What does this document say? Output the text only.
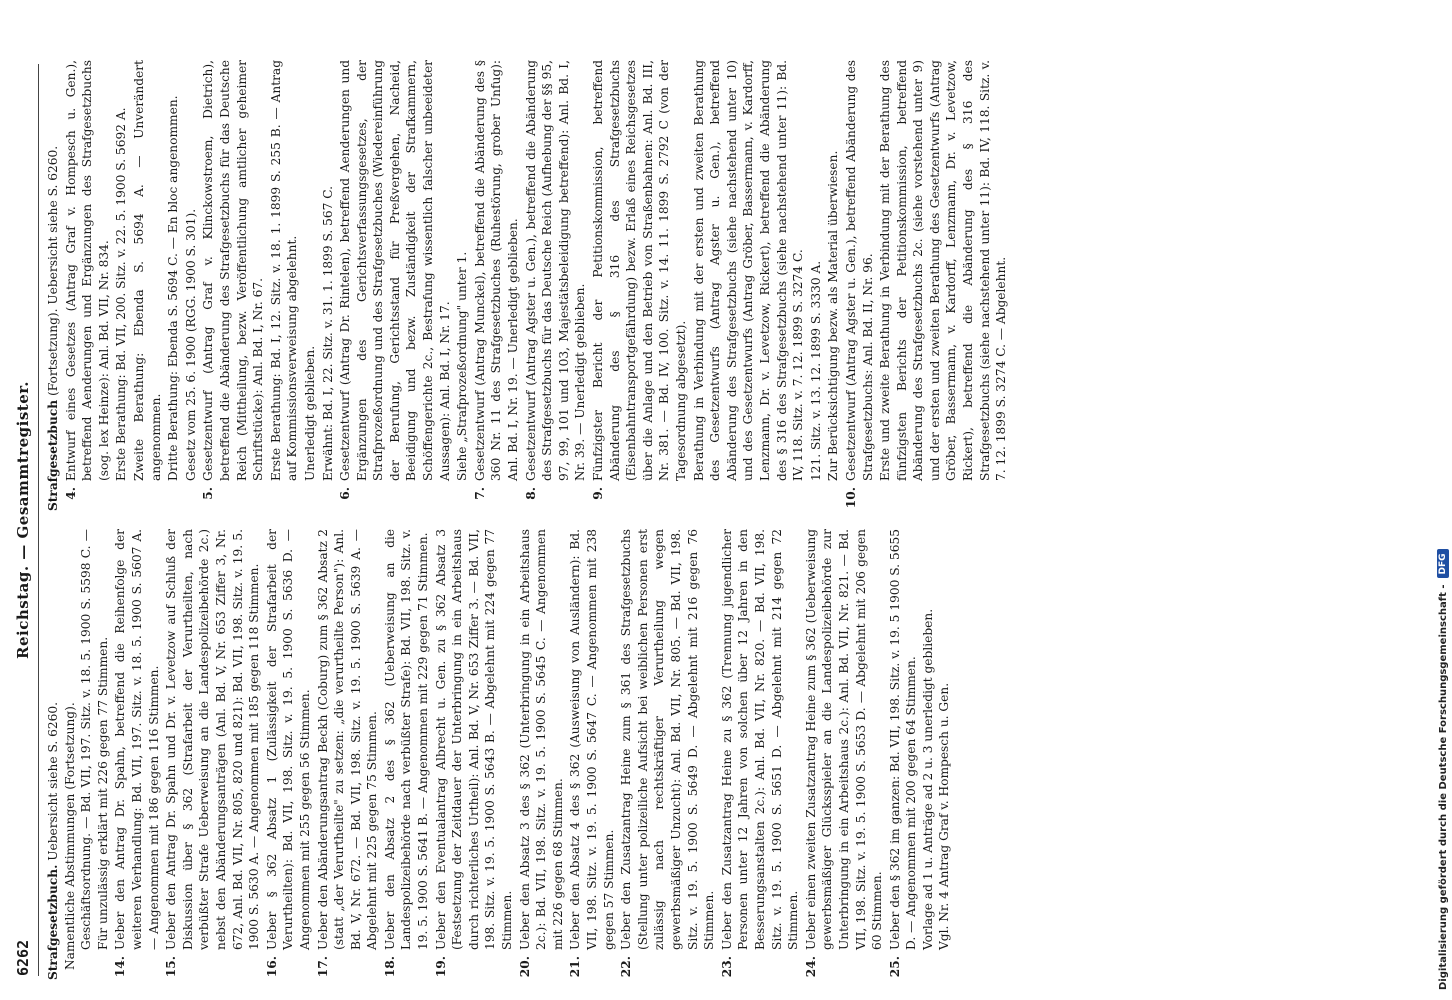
6262
Reichstag. — Gesammtregister.

Strafgesetzbuch. Uebersicht siehe S. 6260. Namentliche Abstimmungen (Fortsetzung). Geschäftsordnung. — Bd. VII, 197. Sitz. v. 18. 5. 1900 S. 5598 C. — Für unzulässig erklärt mit 226 gegen 77 Stimmen.

14.
Ueber den Antrag Dr. Spahn, betreffend die Reihenfolge der weiteren Verhandlung: Bd. VII, 197. Sitz. v. 18. 5. 1900 S. 5607 A. — Angenommen mit 186 gegen 116 Stimmen.
15.
Ueber den Antrag Dr. Spahn und Dr. v. Levetzow auf Schluß der Diskussion über § 362 (Strafarbeit der Verurtheilten, nach verbüßter Strafe Ueberweisung an die Landespolizeibehörde 2c.) nebst den Abänderungsanträgen (Anl. Bd. V, Nr. 653 Ziffer 3, Nr. 672, Anl. Bd. VII, Nr. 805, 820 und 821): Bd. VII, 198. Sitz. v. 19. 5. 1900 S. 5630 A. — Angenommen mit 185 gegen 118 Stimmen.
16.
Ueber § 362 Absatz 1 (Zulässigkeit der Strafarbeit der Verurtheilten): Bd. VII, 198. Sitz. v. 19. 5. 1900 S. 5636 D. — Angenommen mit 255 gegen 56 Stimmen.
17.
Ueber den Abänderungsantrag Beckh (Coburg) zum § 362 Absatz 2 (statt „der Verurtheilte" zu setzen: „die verurtheilte Person"): Anl. Bd. V, Nr. 672. — Bd. VII, 198. Sitz. v. 19. 5. 1900 S. 5639 A. — Abgelehnt mit 225 gegen 75 Stimmen.
18.
Ueber den Absatz 2 des § 362 (Ueberweisung an die Landespolizeibehörde nach verbüßter Strafe): Bd. VII, 198. Sitz. v. 19. 5. 1900 S. 5641 B. — Angenommen mit 229 gegen 71 Stimmen.
19.
Ueber den Eventualantrag Albrecht u. Gen. zu § 362 Absatz 3 (Festsetzung der Zeitdauer der Unterbringung in ein Arbeitshaus durch richterliches Urtheil): Anl. Bd. V, Nr. 653 Ziffer 3. — Bd. VII, 198. Sitz. v. 19. 5. 1900 S. 5643 B. — Abgelehnt mit 224 gegen 77 Stimmen.
20.
Ueber den Absatz 3 des § 362 (Unterbringung in ein Arbeitshaus 2c.): Bd. VII, 198. Sitz. v. 19. 5. 1900 S. 5645 C. — Angenommen mit 226 gegen 68 Stimmen.
21.
Ueber den Absatz 4 des § 362 (Ausweisung von Ausländern): Bd. VII, 198. Sitz. v. 19. 5. 1900 S. 5647 C. — Angenommen mit 238 gegen 57 Stimmen.
22.
Ueber den Zusatzantrag Heine zum § 361 des Strafgesetzbuchs (Stellung unter polizeiliche Aufsicht bei weiblichen Personen erst zulässig nach rechtskräftiger Verurtheilung wegen gewerbsmäßiger Unzucht): Anl. Bd. VII, Nr. 805. — Bd. VII, 198. Sitz. v. 19. 5. 1900 S. 5649 D. — Abgelehnt mit 216 gegen 76 Stimmen.
23.
Ueber den Zusatzantrag Heine zu § 362 (Trennung jugendlicher Personen unter 12 Jahren von solchen über 12 Jahren in den Besserungsanstalten 2c.): Anl. Bd. VII, Nr. 820. — Bd. VII, 198. Sitz. v. 19. 5. 1900 S. 5651 D. — Abgelehnt mit 214 gegen 72 Stimmen.
24.
Ueber einen zweiten Zusatzantrag Heine zum § 362 (Ueberweisung gewerbsmäßiger Glücksspieler an die Landespolizeibehörde zur Unterbringung in ein Arbeitshaus 2c.): Anl. Bd. VII, Nr. 821. — Bd. VII, 198. Sitz. v. 19. 5. 1900 S. 5653 D. — Abgelehnt mit 206 gegen 60 Stimmen.
25.
Ueber den § 362 im ganzen: Bd. VII, 198. Sitz. v. 19. 5 1900 S. 5655 D. — Angenommen mit 200 gegen 64 Stimmen. Vorlage ad 1 u. Anträge ad 2 u. 3 unerledigt geblieben. Vgl. Nr. 4 Antrag Graf v. Hompesch u. Gen.

Strafgesetzbuch (Fortsetzung). Uebersicht siehe S. 6260.

4.
Entwurf eines Gesetzes (Antrag Graf v. Hompesch u. Gen.), betreffend Aenderungen und Ergänzungen des Strafgesetzbuchs (sog. lex Heinze): Anl. Bd. VII, Nr. 834. Erste Berathung: Bd. VII, 200. Sitz. v. 22. 5. 1900 S. 5692 A. Zweite Berathung: Ebenda S. 5694 A. — Unverändert angenommen. Dritte Berathung: Ebenda S. 5694 C. — En bloc angenommen. Gesetz vom 25. 6. 1900 (RGG. 1900 S. 301).
5.
Gesetzentwurf (Antrag Graf v. Klinckowstroem, Dietrich), betreffend die Abänderung des Strafgesetzbuchs für das Deutsche Reich (Mittheilung, bezw. Veröffentlichung amtlicher geheimer Schriftstücke): Anl. Bd. I, Nr. 67. Erste Berathung: Bd. I, 12. Sitz. v. 18. 1. 1899 S. 255 B. — Antrag auf Kommissionsverweisung abgelehnt. Unerledigt geblieben. Erwähnt: Bd. I, 22. Sitz. v. 31. 1. 1899 S. 567 C.
6.
Gesetzentwurf (Antrag Dr. Rintelen), betreffend Aenderungen und Ergänzungen des Gerichtsverfassungsgesetzes, der Strafprozeßordnung und des Strafgesetzbuches (Wiedereinführung der Berufung, Gerichtsstand für Preßvergehen, Nacheid, Beeidigung und bezw. Zuständigkeit der Strafkammern, Schöffengerichte 2c., Bestrafung wissentlich falscher unbeeideter Aussagen): Anl. Bd. I, Nr. 17. Siehe „Strafprozeßordnung" unter 1.
7.
Gesetzentwurf (Antrag Munckel), betreffend die Abänderung des § 360 Nr. 11 des Strafgesetzbuches (Ruhestörung, grober Unfug): Anl. Bd. I, Nr. 19. — Unerledigt geblieben.
8.
Gesetzentwurf (Antrag Agster u. Gen.), betreffend die Abänderung des Strafgesetzbuchs für das Deutsche Reich (Aufhebung der §§ 95, 97, 99, 101 und 103, Majestätsbeleidigung betreffend): Anl. Bd. I, Nr. 39. — Unerledigt geblieben.
9.
Fünfzigster Bericht der Petitionskommission, betreffend Abänderung des § 316 des Strafgesetzbuchs (Eisenbahntransportgefährdung) bezw. Erlaß eines Reichsgesetzes über die Anlage und den Betrieb von Straßenbahnen: Anl. Bd. III, Nr. 381. — Bd. IV, 100. Sitz. v. 14. 11. 1899 S. 2792 C (von der Tagesordnung abgesetzt). Berathung in Verbindung mit der ersten und zweiten Berathung des Gesetzentwurfs (Antrag Agster u. Gen.), betreffend Abänderung des Strafgesetzbuchs (siehe nachstehend unter 10) und des Gesetzentwurfs (Antrag Gröber, Bassermann, v. Kardorff, Lenzmann, Dr. v. Levetzow, Rickert), betreffend die Abänderung des § 316 des Strafgesetzbuchs (siehe nachstehend unter 11): Bd. IV, 118. Sitz. v. 7. 12. 1899 S. 3274 C. 121. Sitz. v. 13. 12. 1899 S. 3330 A. Zur Berücksichtigung bezw. als Material überwiesen.
10.
Gesetzentwurf (Antrag Agster u. Gen.), betreffend Abänderung des Strafgesetzbuchs: Anl. Bd. II, Nr. 96. Erste und zweite Berathung in Verbindung mit der Berathung des fünfzigsten Berichts der Petitionskommission, betreffend Abänderung des Strafgesetzbuchs 2c. (siehe vorstehend unter 9) und der ersten und zweiten Berathung des Gesetzentwurfs (Antrag Gröber, Bassermann, v. Kardorff, Lenzmann, Dr. v. Levetzow, Rickert), betreffend die Abänderung des § 316 des Strafgesetzbuchs (siehe nachstehend unter 11): Bd. IV, 118. Sitz. v. 7. 12. 1899 S. 3274 C. — Abgelehnt.
Digitalisierung gefördert durch die Deutsche Forschungsgemeinschaft -
DFG
